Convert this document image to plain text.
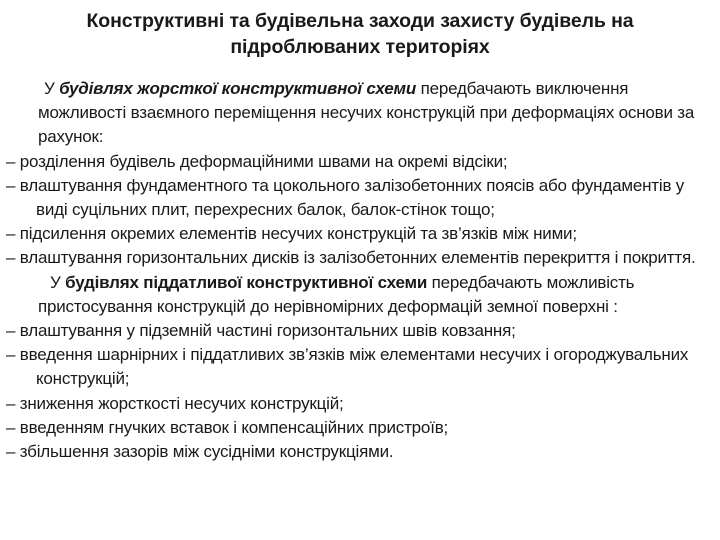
Конструктивні та будівельна заходи захисту будівель на
підроблюваних територіях

У будівлях жорсткої конструктивної схеми передбачають виключення можливості взаємного переміщення несучих конструкцій при деформаціях основи за рахунок:

– розділення будівель деформаційними швами на окремі відсіки;

– влаштування фундаментного та цокольного залізобетонних поясів або фундаментів у виді суцільних плит, перехресних балок, балок-стінок тощо;

– підсилення окремих елементів несучих конструкцій та зв’язків між ними;

– влаштування горизонтальних дисків із залізобетонних елементів перекриття і покриття.

У будівлях піддатливої конструктивної схеми передбачають можливість пристосування конструкцій до нерівномірних деформацій земної поверхні :

– влаштування у підземній частині горизонтальних швів ковзання;

– введення шарнірних і піддатливих зв’язків між елементами несучих і огороджувальних конструкцій;

– зниження жорсткості несучих конструкцій;

– введенням гнучких вставок і компенсаційних пристроїв;

– збільшення зазорів між сусідніми конструкціями.
